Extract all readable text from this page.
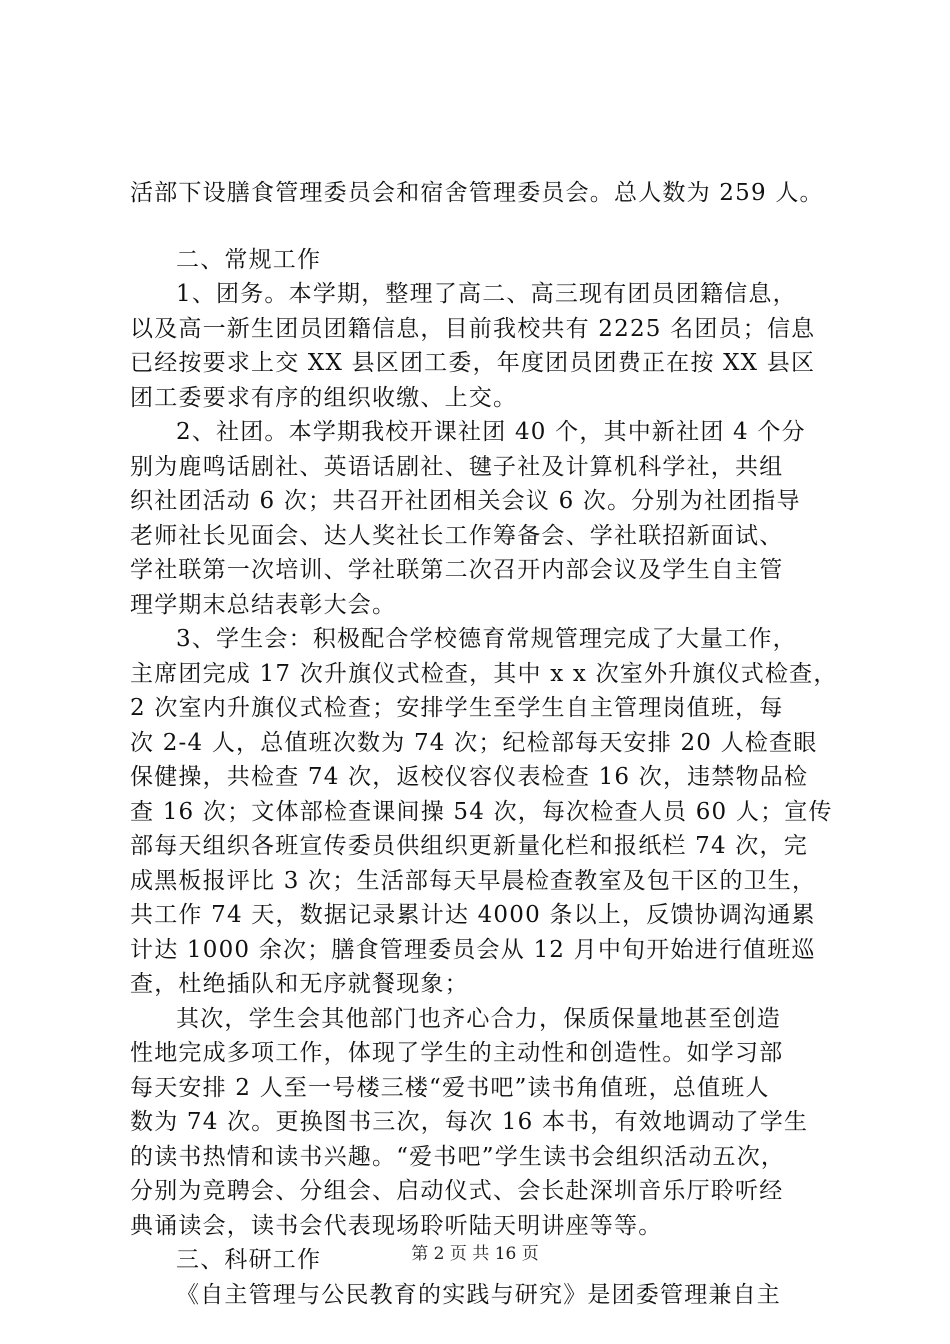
活部下设膳食管理委员会和宿舍管理委员会。总人数为 259 人。
二、常规工作
1、团务。本学期，整理了高二、高三现有团员团籍信息，
以及高一新生团员团籍信息，目前我校共有 2225 名团员；信息
已经按要求上交 XX 县区团工委，年度团员团费正在按 XX 县区
团工委要求有序的组织收缴、上交。
2、社团。本学期我校开课社团 40 个，其中新社团 4 个分
别为鹿鸣话剧社、英语话剧社、毽子社及计算机科学社，共组
织社团活动 6 次；共召开社团相关会议 6 次。分别为社团指导
老师社长见面会、达人奖社长工作筹备会、学社联招新面试、
学社联第一次培训、学社联第二次召开内部会议及学生自主管
理学期末总结表彰大会。
3、学生会：积极配合学校德育常规管理完成了大量工作，
主席团完成 17 次升旗仪式检查，其中 x x 次室外升旗仪式检查，
2 次室内升旗仪式检查；安排学生至学生自主管理岗值班，每
次 2-4 人，总值班次数为 74 次；纪检部每天安排 20 人检查眼
保健操，共检查 74 次，返校仪容仪表检查 16 次，违禁物品检
查 16 次；文体部检查课间操 54 次，每次检查人员 60 人；宣传
部每天组织各班宣传委员供组织更新量化栏和报纸栏 74 次，完
成黑板报评比 3 次；生活部每天早晨检查教室及包干区的卫生，
共工作 74 天，数据记录累计达 4000 条以上，反馈协调沟通累
计达 1000 余次；膳食管理委员会从 12 月中旬开始进行值班巡
查，杜绝插队和无序就餐现象；
其次，学生会其他部门也齐心合力，保质保量地甚至创造
性地完成多项工作，体现了学生的主动性和创造性。如学习部
每天安排 2 人至一号楼三楼“爱书吧”读书角值班，总值班人
数为 74 次。更换图书三次，每次 16 本书，有效地调动了学生
的读书热情和读书兴趣。“爱书吧”学生读书会组织活动五次，
分别为竞聘会、分组会、启动仪式、会长赴深圳音乐厅聆听经
典诵读会，读书会代表现场聆听陆天明讲座等等。
三、科研工作
《自主管理与公民教育的实践与研究》是团委管理兼自主
第 2 页 共 16 页
